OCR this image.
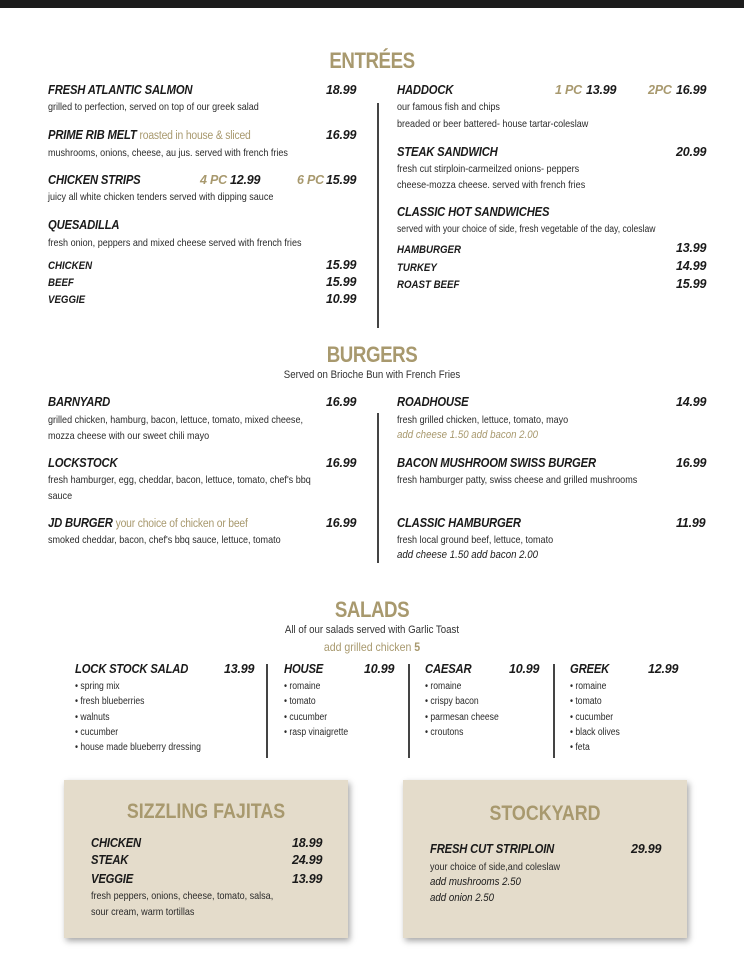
ENTRÉES
FRESH ATLANTIC SALMON	18.99
grilled to perfection, served on top of our greek salad
PRIME RIB MELT roasted in house & sliced	16.99
mushrooms, onions, cheese, au jus. served with french fries
CHICKEN STRIPS	4 PC 12.99	6 PC 15.99
juicy all white chicken tenders served with dipping sauce
QUESADILLA
fresh onion, peppers and mixed cheese served with french fries
CHICKEN	15.99
BEEF	15.99
VEGGIE	10.99
HADDOCK	1 PC 13.99	2PC 16.99
our famous fish and chips
breaded or beer battered- house tartar-coleslaw
STEAK SANDWICH	20.99
fresh cut stirploin-carmeilzed onions- peppers
cheese-mozza cheese. served with french fries
CLASSIC HOT SANDWICHES
served with your choice of side, fresh vegetable of the day, coleslaw
HAMBURGER	13.99
TURKEY	14.99
ROAST BEEF	15.99
BURGERS
Served on Brioche Bun with French Fries
BARNYARD	16.99
grilled chicken, hamburg, bacon, lettuce, tomato, mixed cheese,
mozza cheese with our sweet chili mayo
LOCKSTOCK	16.99
fresh hamburger, egg, cheddar, bacon, lettuce, tomato, chef's bbq
sauce
JD BURGER your choice of chicken or beef	16.99
smoked cheddar, bacon, chef's bbq sauce, lettuce, tomato
ROADHOUSE	14.99
fresh grilled chicken, lettuce, tomato, mayo
add cheese 1.50 add bacon 2.00
BACON MUSHROOM SWISS BURGER	16.99
fresh hamburger patty, swiss cheese and grilled mushrooms
CLASSIC HAMBURGER	11.99
fresh local ground beef, lettuce, tomato
add cheese 1.50 add bacon 2.00
SALADS
All of our salads served with Garlic Toast
add grilled chicken 5
LOCK STOCK SALAD	13.99
• spring mix
• fresh blueberries
• walnuts
• cucumber
• house made blueberry dressing
HOUSE	10.99
• romaine
• tomato
• cucumber
• rasp vinaigrette
CAESAR	10.99
• romaine
• crispy bacon
• parmesan cheese
• croutons
GREEK	12.99
• romaine
• tomato
• cucumber
• black olives
• feta
SIZZLING FAJITAS
CHICKEN	18.99
STEAK	24.99
VEGGIE	13.99
fresh peppers, onions, cheese, tomato, salsa,
sour cream, warm tortillas
STOCKYARD
FRESH CUT STRIPLOIN	29.99
your choice of side,and coleslaw
add mushrooms 2.50
add onion 2.50
